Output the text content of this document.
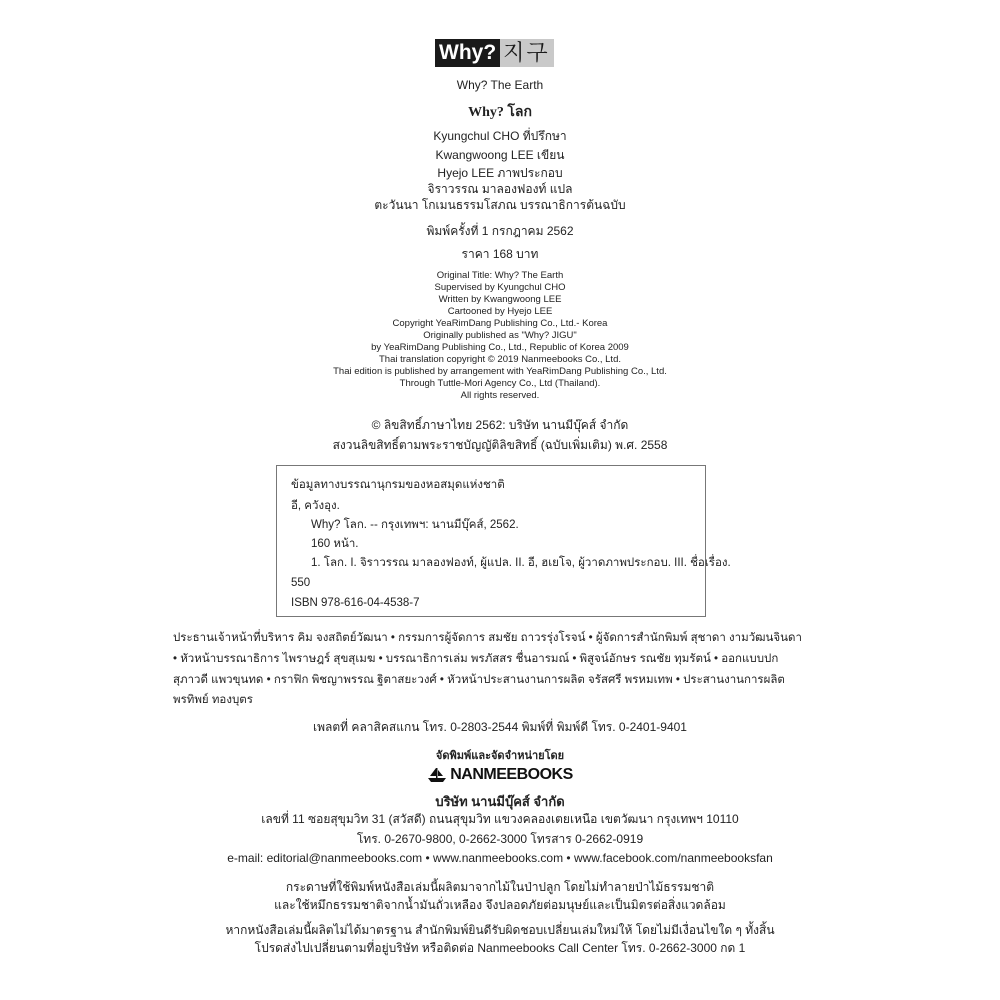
Why? 지구
Why? The Earth
Why? โลก
Kyungchul CHO ที่ปรึกษา
Kwangwoong LEE เขียน
Hyejo LEE ภาพประกอบ
จิราวรรณ มาลองฟองท์ แปล
ตะวันนา โกเมนธรรมโสภณ บรรณาธิการต้นฉบับ
พิมพ์ครั้งที่ 1 กรกฎาคม 2562
ราคา 168 บาท
Original Title: Why? The Earth
Supervised by Kyungchul CHO
Written by Kwangwoong LEE
Cartooned by Hyejo LEE
Copyright YeaRimDang Publishing Co., Ltd.- Korea
Originally published as "Why? JIGU"
by YeaRimDang Publishing Co., Ltd., Republic of Korea 2009
Thai translation copyright © 2019 Nanmeebooks Co., Ltd.
Thai edition is published by arrangement with YeaRimDang Publishing Co., Ltd.
Through Tuttle-Mori Agency Co., Ltd (Thailand).
All rights reserved.
© ลิขสิทธิ์ภาษาไทย 2562: บริษัท นานมีบุ๊คส์ จำกัด
สงวนลิขสิทธิ์ตามพระราชบัญญัติลิขสิทธิ์ (ฉบับเพิ่มเติม) พ.ศ. 2558
ข้อมูลทางบรรณานุกรมของหอสมุดแห่งชาติ
อี, ควังอุง.
Why? โลก. -- กรุงเทพฯ: นานมีบุ๊คส์, 2562.
160 หน้า.
1. โลก. I. จิราวรรณ มาลองฟองท์, ผู้แปล. II. อี, ฮเยโจ, ผู้วาดภาพประกอบ. III. ชื่อเรื่อง.
550
ISBN 978-616-04-4538-7
ประธานเจ้าหน้าที่บริหาร คิม จงสถิตย์วัฒนา • กรรมการผู้จัดการ สมชัย ถาวรรุ่งโรจน์ • ผู้จัดการสำนักพิมพ์ สุชาดา งามวัฒนจินดา
• หัวหน้าบรรณาธิการ ไพราษฎร์ สุขสุเมฆ • บรรณาธิการเล่ม พรภัสสร ชื่นอารมณ์ • พิสูจน์อักษร รณชัย ทุมรัตน์ • ออกแบบปก
สุภาวดี แพวขุนทด • กราฟิก พิชญาพรรณ ฐิตาสยะวงศ์ • หัวหน้าประสานงานการผลิต จรัสศรี พรหมเทพ • ประสานงานการผลิต
พรทิพย์ ทองบุตร
เพลตที่ คลาสิคสแกน โทร. 0-2803-2544 พิมพ์ที่ พิมพ์ดี โทร. 0-2401-9401
จัดพิมพ์และจัดจำหน่ายโดย
NANMEEBOOKS
บริษัท นานมีบุ๊คส์ จำกัด
เลขที่ 11 ซอยสุขุมวิท 31 (สวัสดี) ถนนสุขุมวิท แขวงคลองเตยเหนือ เขตวัฒนา กรุงเทพฯ 10110
โทร. 0-2670-9800, 0-2662-3000 โทรสาร 0-2662-0919
e-mail: editorial@nanmeebooks.com • www.nanmeebooks.com • www.facebook.com/nanmeebooksfan
กระดาษที่ใช้พิมพ์หนังสือเล่มนี้ผลิตมาจากไม้ในป่าปลูก โดยไม่ทำลายป่าไม้ธรรมชาติ
และใช้หมึกธรรมชาติจากน้ำมันถั่วเหลือง จึงปลอดภัยต่อมนุษย์และเป็นมิตรต่อสิ่งแวดล้อม
หากหนังสือเล่มนี้ผลิตไม่ได้มาตรฐาน สำนักพิมพ์ยินดีรับผิดชอบเปลี่ยนเล่มใหม่ให้ โดยไม่มีเงื่อนไขใด ๆ ทั้งสิ้น
โปรดส่งไปเปลี่ยนตามที่อยู่บริษัท หรือติดต่อ Nanmeebooks Call Center โทร. 0-2662-3000 กด 1
